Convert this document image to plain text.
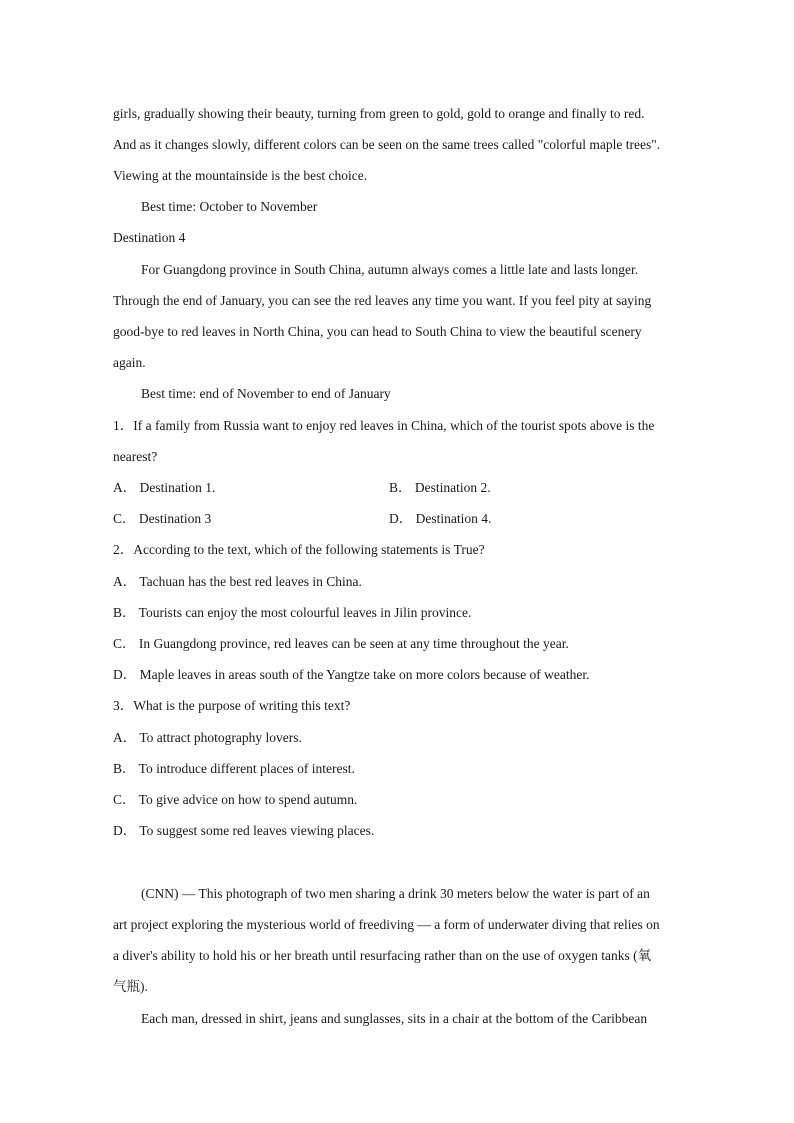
girls, gradually showing their beauty, turning from green to gold, gold to orange and finally to red.
And as it changes slowly, different colors can be seen on the same trees called "colorful maple trees".
Viewing at the mountainside is the best choice.
Best time: October to November
Destination 4
For Guangdong province in South China, autumn always comes a little late and lasts longer.
Through the end of January, you can see the red leaves any time you want. If you feel pity at saying
good-bye to red leaves in North China, you can head to South China to view the beautiful scenery
again.
Best time: end of November to end of January
1．If a family from Russia want to enjoy red leaves in China, which of the tourist spots above is the
nearest?
A． Destination 1.	B． Destination 2.
C． Destination 3	D． Destination 4.
2．According to the text, which of the following statements is True?
A． Tachuan has the best red leaves in China.
B． Tourists can enjoy the most colourful leaves in Jilin province.
C． In Guangdong province, red leaves can be seen at any time throughout the year.
D． Maple leaves in areas south of the Yangtze take on more colors because of weather.
3．What is the purpose of writing this text?
A． To attract photography lovers.
B． To introduce different places of interest.
C． To give advice on how to spend autumn.
D． To suggest some red leaves viewing places.
(CNN) — This photograph of two men sharing a drink 30 meters below the water is part of an
art project exploring the mysterious world of freediving — a form of underwater diving that relies on
a diver's ability to hold his or her breath until resurfacing rather than on the use of oxygen tanks (氧
气瓶).
Each man, dressed in shirt, jeans and sunglasses, sits in a chair at the bottom of the Caribbean
